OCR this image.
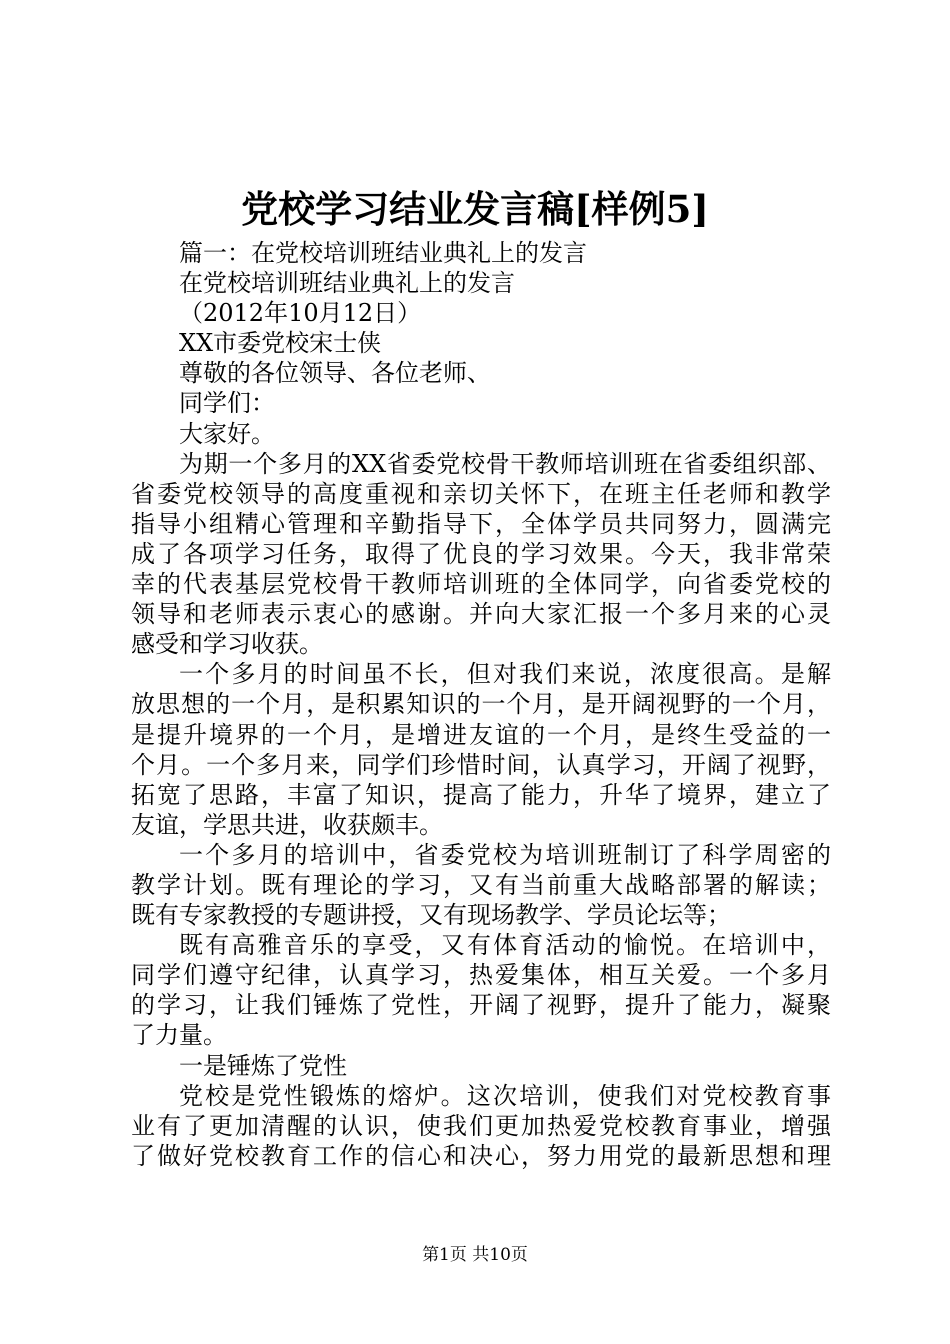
党校学习结业发言稿[样例5]
篇一：在党校培训班结业典礼上的发言
在党校培训班结业典礼上的发言
（2012年10月12日）
XX市委党校宋士侠
尊敬的各位领导、各位老师、
同学们：
大家好。
为期一个多月的XX省委党校骨干教师培训班在省委组织部、
省委党校领导的高度重视和亲切关怀下，在班主任老师和教学
指导小组精心管理和辛勤指导下，全体学员共同努力，圆满完
成了各项学习任务，取得了优良的学习效果。今天，我非常荣
幸的代表基层党校骨干教师培训班的全体同学，向省委党校的
领导和老师表示衷心的感谢。并向大家汇报一个多月来的心灵
感受和学习收获。
一个多月的时间虽不长，但对我们来说，浓度很高。是解
放思想的一个月，是积累知识的一个月，是开阔视野的一个月，
是提升境界的一个月，是增进友谊的一个月，是终生受益的一
个月。一个多月来，同学们珍惜时间，认真学习，开阔了视野，
拓宽了思路，丰富了知识，提高了能力，升华了境界，建立了
友谊，学思共进，收获颇丰。
一个多月的培训中，省委党校为培训班制订了科学周密的
教学计划。既有理论的学习，又有当前重大战略部署的解读；
既有专家教授的专题讲授，又有现场教学、学员论坛等；
既有高雅音乐的享受，又有体育活动的愉悦。在培训中，
同学们遵守纪律，认真学习，热爱集体，相互关爱。一个多月
的学习，让我们锤炼了党性，开阔了视野，提升了能力，凝聚
了力量。
一是锤炼了党性
党校是党性锻炼的熔炉。这次培训，使我们对党校教育事
业有了更加清醒的认识，使我们更加热爱党校教育事业，增强
了做好党校教育工作的信心和决心，努力用党的最新思想和理
第1页 共10页
